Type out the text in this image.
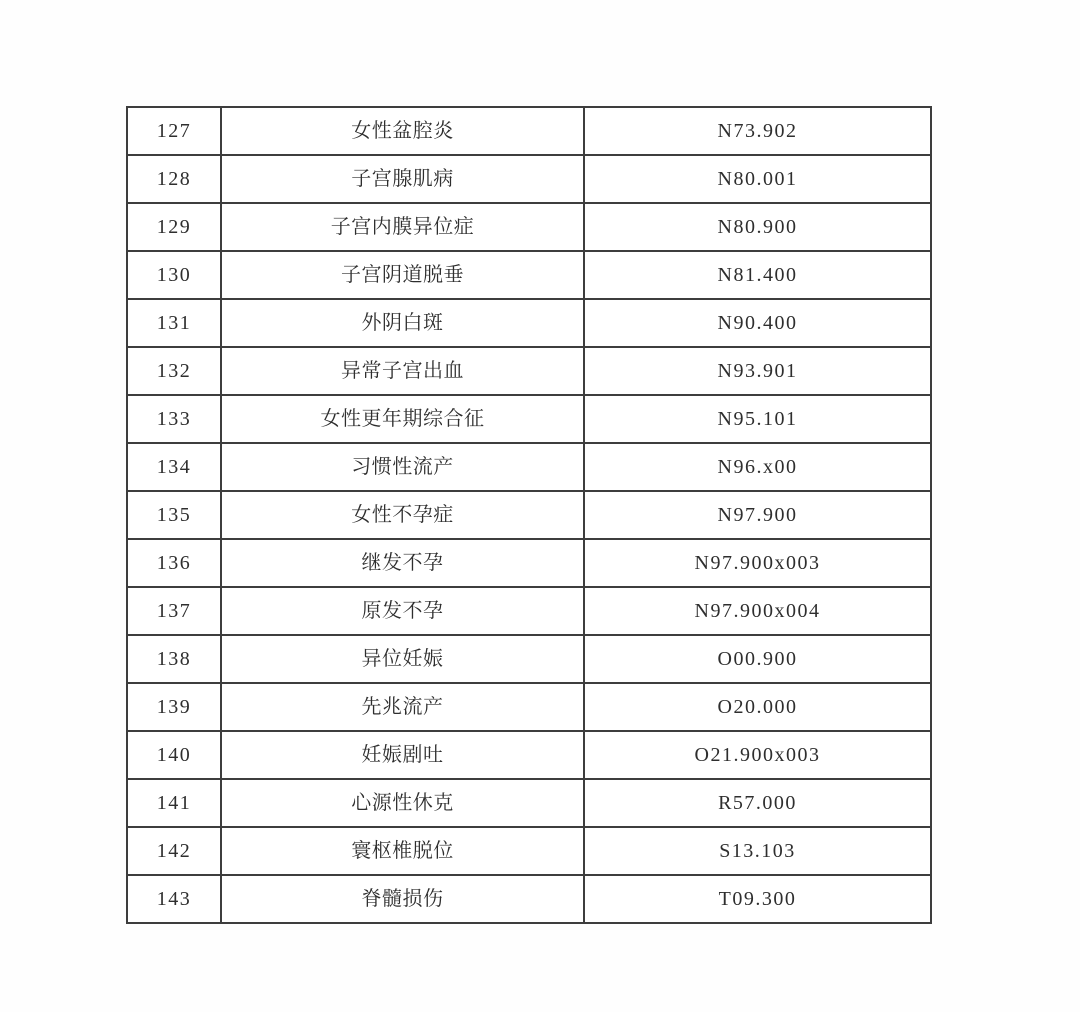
127	女性盆腔炎	N73.902
128	子宫腺肌病	N80.001
129	子宫内膜异位症	N80.900
130	子宫阴道脱垂	N81.400
131	外阴白斑	N90.400
132	异常子宫出血	N93.901
133	女性更年期综合征	N95.101
134	习惯性流产	N96.x00
135	女性不孕症	N97.900
136	继发不孕	N97.900x003
137	原发不孕	N97.900x004
138	异位妊娠	O00.900
139	先兆流产	O20.000
140	妊娠剧吐	O21.900x003
141	心源性休克	R57.000
142	寰枢椎脱位	S13.103
143	脊髓损伤	T09.300
